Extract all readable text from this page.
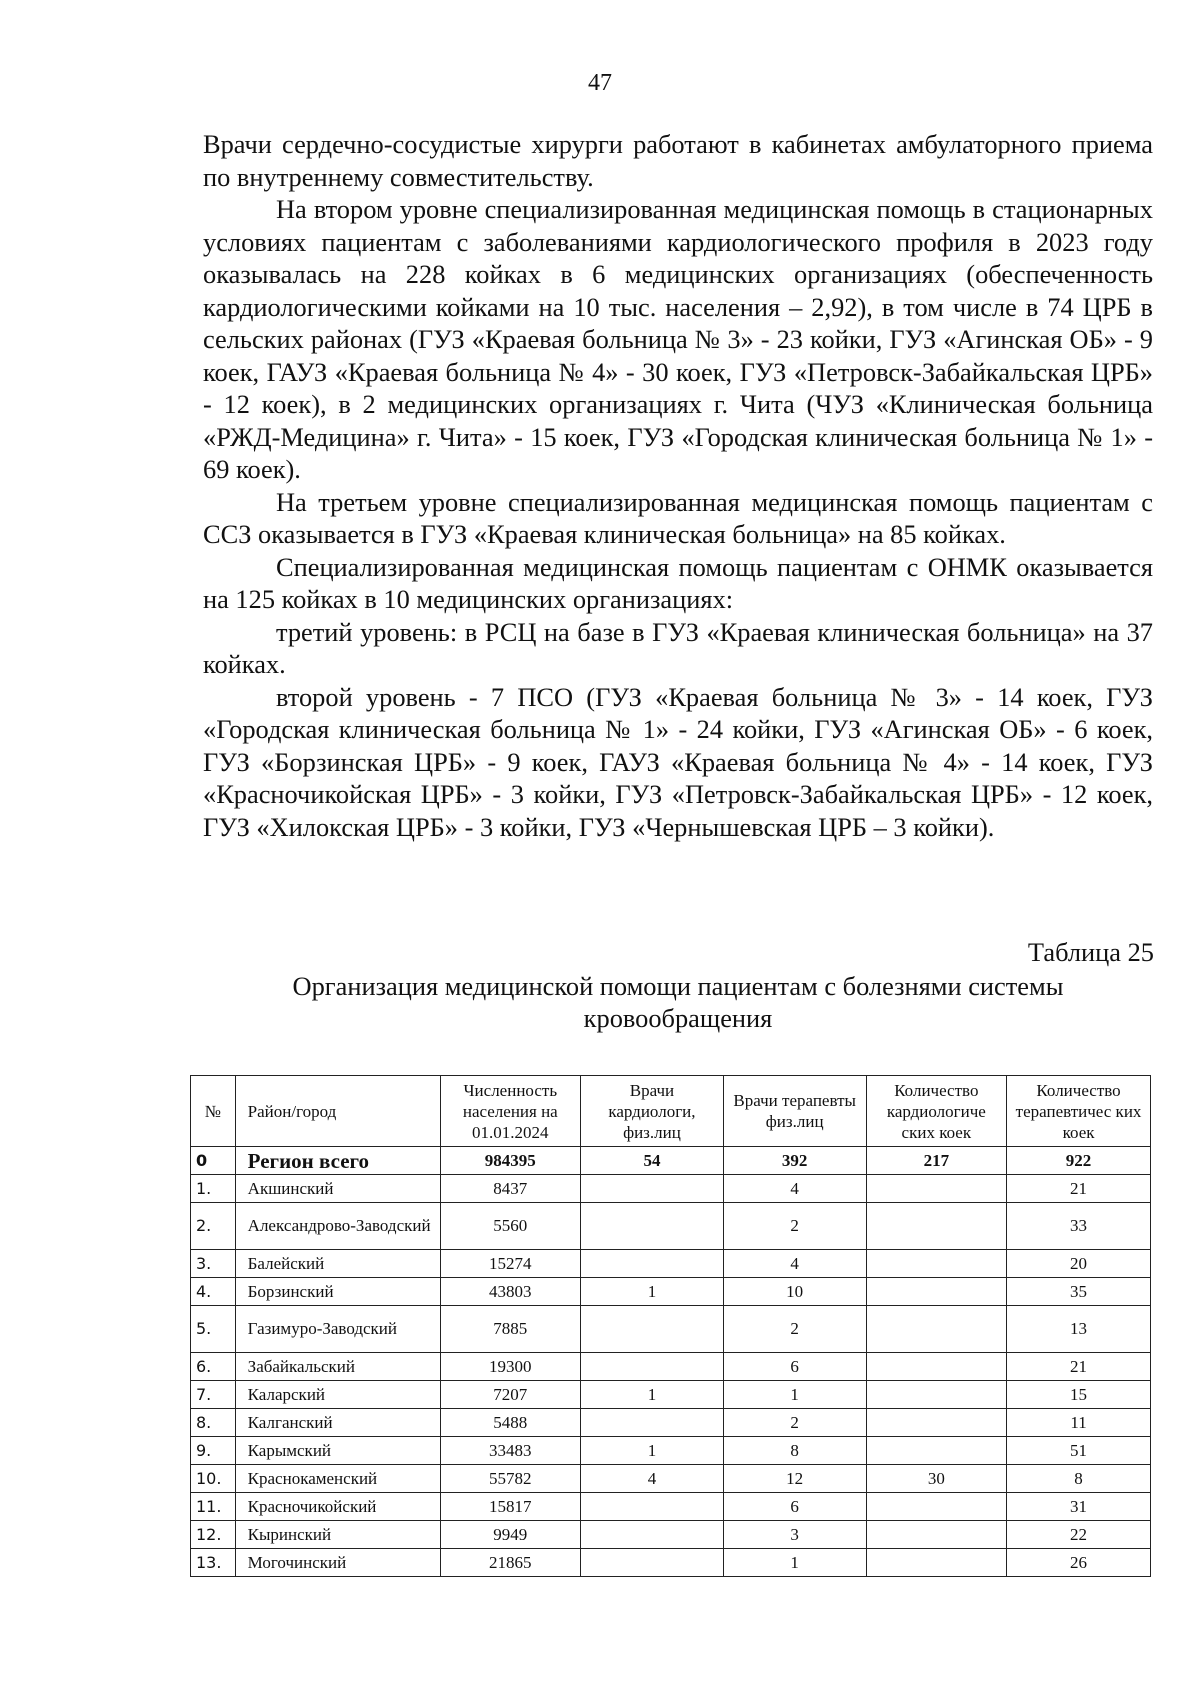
47

Врачи сердечно-сосудистые хирурги работают в кабинетах амбулаторного приема по внутреннему совместительству.

На втором уровне специализированная медицинская помощь в стационарных условиях пациентам с заболеваниями кардиологического профиля в 2023 году оказывалась на 228 койках в 6 медицинских организациях (обеспеченность кардиологическими койками на 10 тыс. населения – 2,92), в том числе в 74 ЦРБ в сельских районах (ГУЗ «Краевая больница № 3» - 23 койки, ГУЗ «Агинская ОБ» - 9 коек, ГАУЗ «Краевая больница № 4» - 30 коек, ГУЗ «Петровск-Забайкальская ЦРБ» - 12 коек), в 2 медицинских организациях г. Чита (ЧУЗ «Клиническая больница «РЖД-Медицина» г. Чита» - 15 коек, ГУЗ «Городская клиническая больница № 1» - 69 коек).

На третьем уровне специализированная медицинская помощь пациентам с ССЗ оказывается в ГУЗ «Краевая клиническая больница» на 85 койках.

Специализированная медицинская помощь пациентам с ОНМК оказывается на 125 койках в 10 медицинских организациях:

третий уровень: в РСЦ на базе в ГУЗ «Краевая клиническая больница» на 37 койках.

второй уровень - 7 ПСО (ГУЗ «Краевая больница № 3» - 14 коек, ГУЗ «Городская клиническая больница № 1» - 24 койки, ГУЗ «Агинская ОБ» - 6 коек, ГУЗ «Борзинская ЦРБ» - 9 коек, ГАУЗ «Краевая больница № 4» - 14 коек, ГУЗ «Красночикойская ЦРБ» - 3 койки, ГУЗ «Петровск-Забайкальская ЦРБ» - 12 коек, ГУЗ «Хилокская ЦРБ» - 3 койки, ГУЗ «Чернышевская ЦРБ – 3 койки).

Таблица 25
Организация медицинской помощи пациентам с болезнями системы кровообращения
№	Район/город	Численность населения на 01.01.2024	Врачи кардиологи, физ.лиц	Врачи терапевты физ.лиц	Количество кардиологиче ских коек	Количество терапевтичес ких коек
0	Регион всего	984395	54	392	217	922
1.	Акшинский	8437		4		21
2.	Александрово-Заводский	5560		2		33
3.	Балейский	15274		4		20
4.	Борзинский	43803	1	10		35
5.	Газимуро-Заводский	7885		2		13
6.	Забайкальский	19300		6		21
7.	Каларский	7207	1	1		15
8.	Калганский	5488		2		11
9.	Карымский	33483	1	8		51
10.	Краснокаменский	55782	4	12	30	8
11.	Красночикойский	15817		6		31
12.	Кыринский	9949		3		22
13.	Могочинский	21865		1		26
